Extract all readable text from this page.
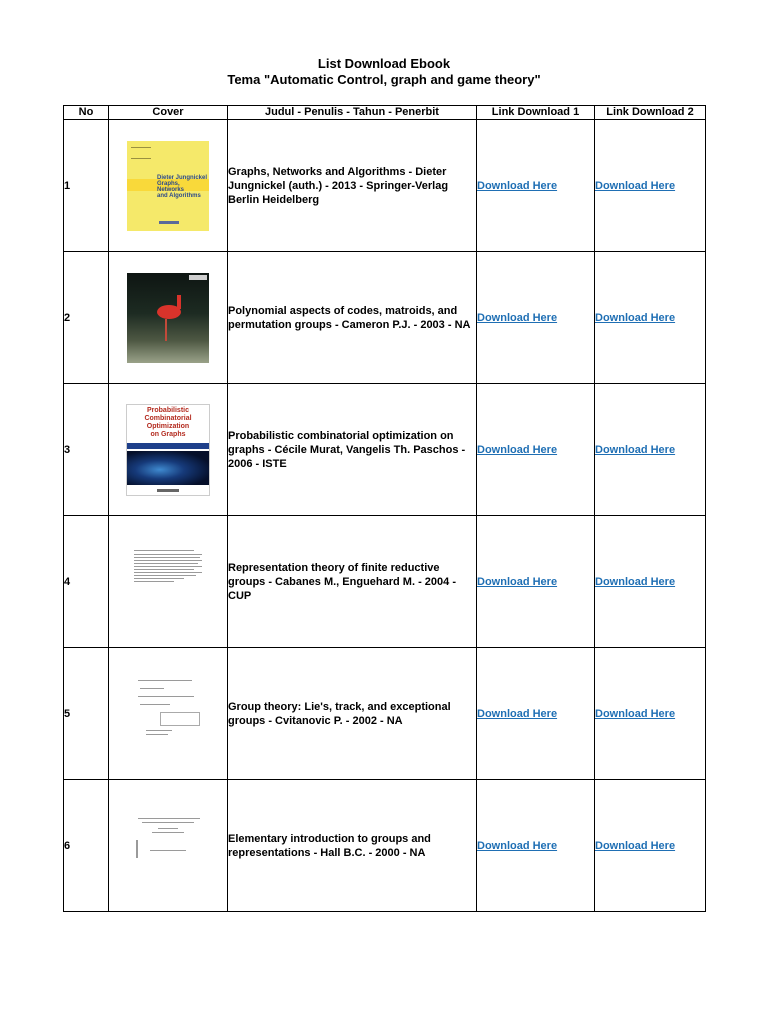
List Download Ebook
Tema "Automatic Control, graph and game theory"
No	Cover	Judul - Penulis - Tahun - Penerbit	Link Download 1	Link Download 2
1	Dieter Jungnickel
Graphs,
Networks
and Algorithms	Graphs, Networks and Algorithms - Dieter Jungnickel (auth.) - 2013 - Springer-Verlag Berlin Heidelberg	Download Here	Download Here
2		Polynomial aspects of codes, matroids, and permutation groups - Cameron P.J. - 2003 - NA	Download Here	Download Here
3	Probabilistic
Combinatorial
Optimization
on Graphs	Probabilistic combinatorial optimization on graphs - Cécile Murat, Vangelis Th. Paschos - 2006 - ISTE	Download Here	Download Here
4		Representation theory of finite reductive groups - Cabanes M., Enguehard M. - 2004 - CUP	Download Here	Download Here
5		Group theory: Lie's, track, and exceptional groups - Cvitanovic P. - 2002 - NA	Download Here	Download Here
6		Elementary introduction to groups and representations - Hall B.C. - 2000 - NA	Download Here	Download Here
